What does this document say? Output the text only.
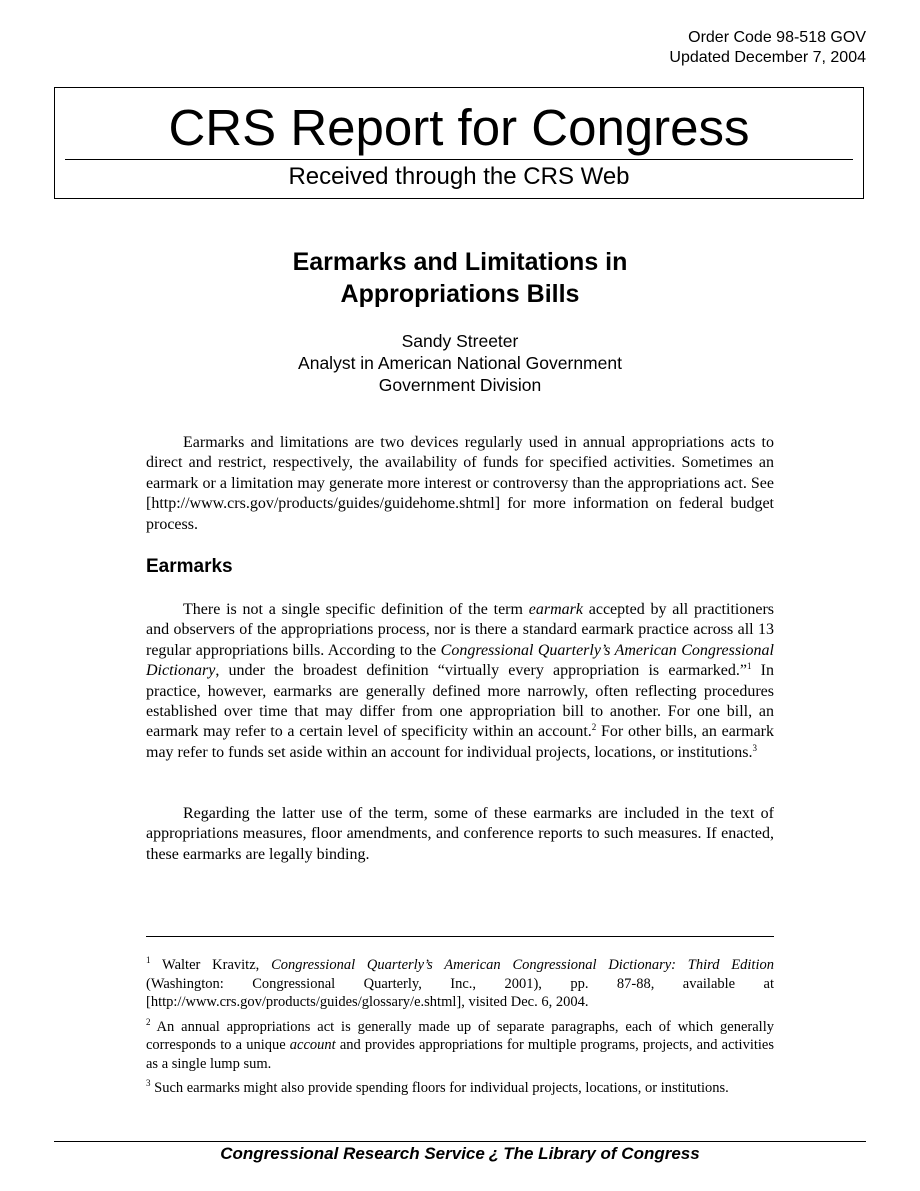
Order Code 98-518 GOV
Updated December 7, 2004
CRS Report for Congress
Received through the CRS Web
Earmarks and Limitations in
Appropriations Bills
Sandy Streeter
Analyst in American National Government
Government Division

Earmarks and limitations are two devices regularly used in annual appropriations acts to direct and restrict, respectively, the availability of funds for specified activities. Sometimes an earmark or a limitation may generate more interest or controversy than the appropriations act. See [http://www.crs.gov/products/guides/guidehome.shtml] for more information on federal budget process.

Earmarks

There is not a single specific definition of the term earmark accepted by all practitioners and observers of the appropriations process, nor is there a standard earmark practice across all 13 regular appropriations bills. According to the Congressional Quarterly’s American Congressional Dictionary, under the broadest definition “virtually every appropriation is earmarked.”$^1$ In practice, however, earmarks are generally defined more narrowly, often reflecting procedures established over time that may differ from one appropriation bill to another. For one bill, an earmark may refer to a certain level of specificity within an account.$^2$ For other bills, an earmark may refer to funds set aside within an account for individual projects, locations, or institutions.$^3$

Regarding the latter use of the term, some of these earmarks are included in the text of appropriations measures, floor amendments, and conference reports to such measures. If enacted, these earmarks are legally binding.

$^1$ Walter Kravitz, Congressional Quarterly’s American Congressional Dictionary: Third Edition (Washington: Congressional Quarterly, Inc., 2001), pp. 87-88, available at [http://www.crs.gov/products/guides/glossary/e.shtml], visited Dec. 6, 2004.

$^2$ An annual appropriations act is generally made up of separate paragraphs, each of which generally corresponds to a unique account and provides appropriations for multiple programs, projects, and activities as a single lump sum.

$^3$ Such earmarks might also provide spending floors for individual projects, locations, or institutions.

Congressional Research Service ¿ The Library of Congress
